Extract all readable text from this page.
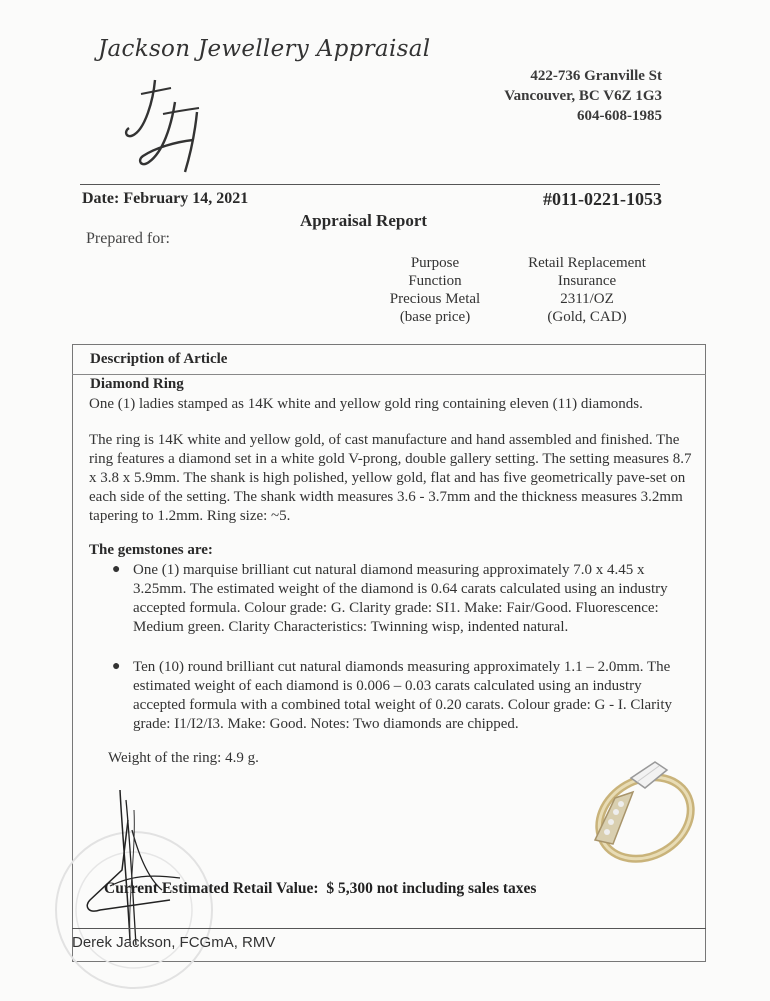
Jackson Jewellery Appraisal
422-736 Granville St
Vancouver, BC V6Z 1G3
604-608-1985
Date: February 14, 2021	#011-0221-1053
Appraisal Report
Prepared for:
Purpose
Function
Precious Metal
(base price)
Retail Replacement
Insurance
2311/OZ
(Gold, CAD)
Description of Article
Diamond Ring
One (1) ladies stamped as 14K white and yellow gold ring containing eleven (11) diamonds.
The ring is 14K white and yellow gold, of cast manufacture and hand assembled and finished. The ring features a diamond set in a white gold V-prong, double gallery setting. The setting measures 8.7 x 3.8 x 5.9mm. The shank is high polished, yellow gold, flat and has five geometrically pave-set on each side of the setting. The shank width measures 3.6 - 3.7mm and the thickness measures 3.2mm tapering to 1.2mm. Ring size: ~5.
The gemstones are:
● One (1) marquise brilliant cut natural diamond measuring approximately 7.0 x 4.45 x 3.25mm. The estimated weight of the diamond is 0.64 carats calculated using an industry accepted formula. Colour grade: G. Clarity grade: SI1. Make: Fair/Good. Fluorescence: Medium green. Clarity Characteristics: Twinning wisp, indented natural.
● Ten (10) round brilliant cut natural diamonds measuring approximately 1.1 – 2.0mm. The estimated weight of each diamond is 0.006 – 0.03 carats calculated using an industry accepted formula with a combined total weight of 0.20 carats. Colour grade: G - I. Clarity grade: I1/I2/I3. Make: Good. Notes: Two diamonds are chipped.
Weight of the ring: 4.9 g.
Current Estimated Retail Value: $ 5,300 not including sales taxes
Derek Jackson, FCGmA, RMV
